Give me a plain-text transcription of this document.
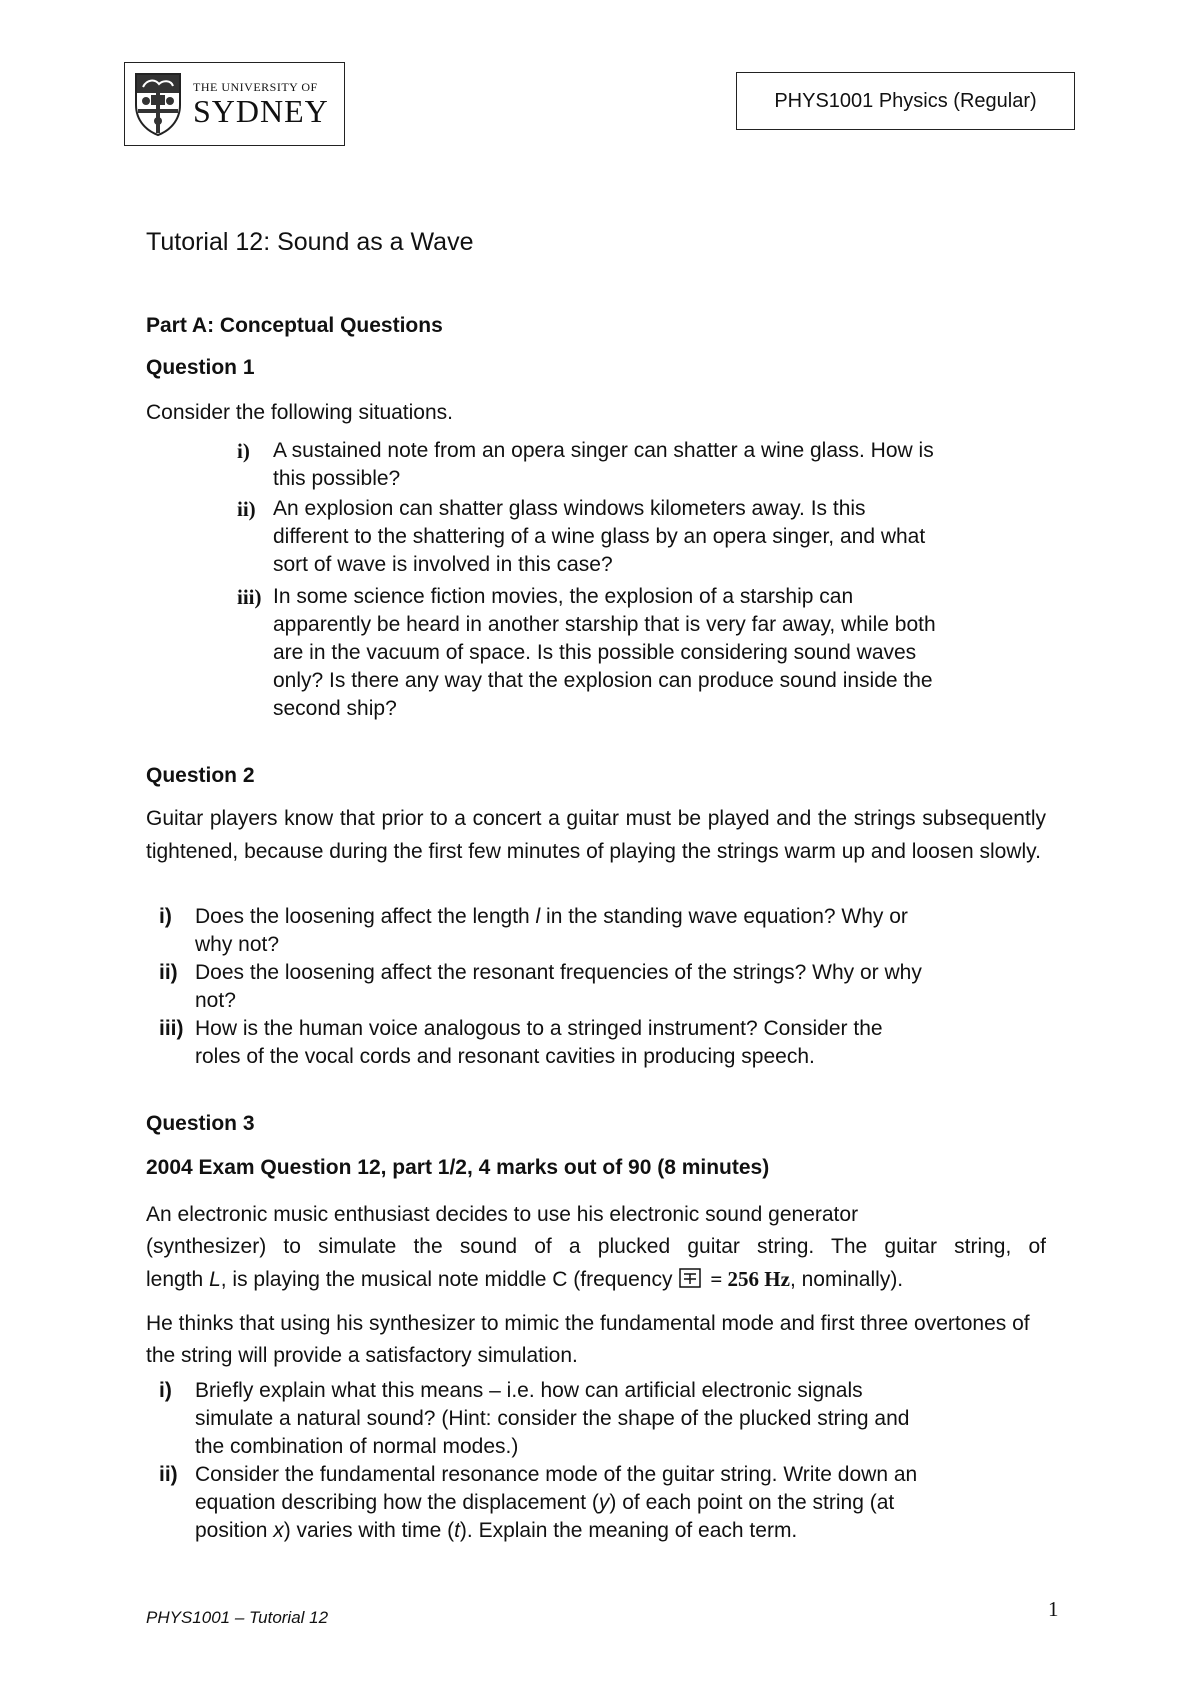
THE UNIVERSITY OF
SYDNEY	PHYS1001 Physics (Regular)
Tutorial 12: Sound as a Wave
Part A: Conceptual Questions
Question 1
Consider the following situations.
i) A sustained note from an opera singer can shatter a wine glass. How is
this possible?
ii) An explosion can shatter glass windows kilometers away. Is this
different to the shattering of a wine glass by an opera singer, and what
sort of wave is involved in this case?
iii) In some science fiction movies, the explosion of a starship can
apparently be heard in another starship that is very far away, while both
are in the vacuum of space. Is this possible considering sound waves
only? Is there any way that the explosion can produce sound inside the
second ship?
Question 2
Guitar players know that prior to a concert a guitar must be played and the strings subsequently tightened, because during the first few minutes of playing the strings warm up and loosen slowly.
i) Does the loosening affect the length l in the standing wave equation? Why or
why not?
ii) Does the loosening affect the resonant frequencies of the strings? Why or why
not?
iii) How is the human voice analogous to a stringed instrument? Consider the
roles of the vocal cords and resonant cavities in producing speech.
Question 3
2004 Exam Question 12, part 1/2, 4 marks out of 90 (8 minutes)
An electronic music enthusiast decides to use his electronic sound generator
(synthesizer) to simulate the sound of a plucked guitar string. The guitar string, of
length L, is playing the musical note middle C (frequency = 256 Hz, nominally).
He thinks that using his synthesizer to mimic the fundamental mode and first three overtones of the string will provide a satisfactory simulation.
i) Briefly explain what this means – i.e. how can artificial electronic signals
simulate a natural sound? (Hint: consider the shape of the plucked string and
the combination of normal modes.)
ii) Consider the fundamental resonance mode of the guitar string. Write down an
equation describing how the displacement (y) of each point on the string (at
position x) varies with time (t). Explain the meaning of each term.
PHYS1001 – Tutorial 12	1
